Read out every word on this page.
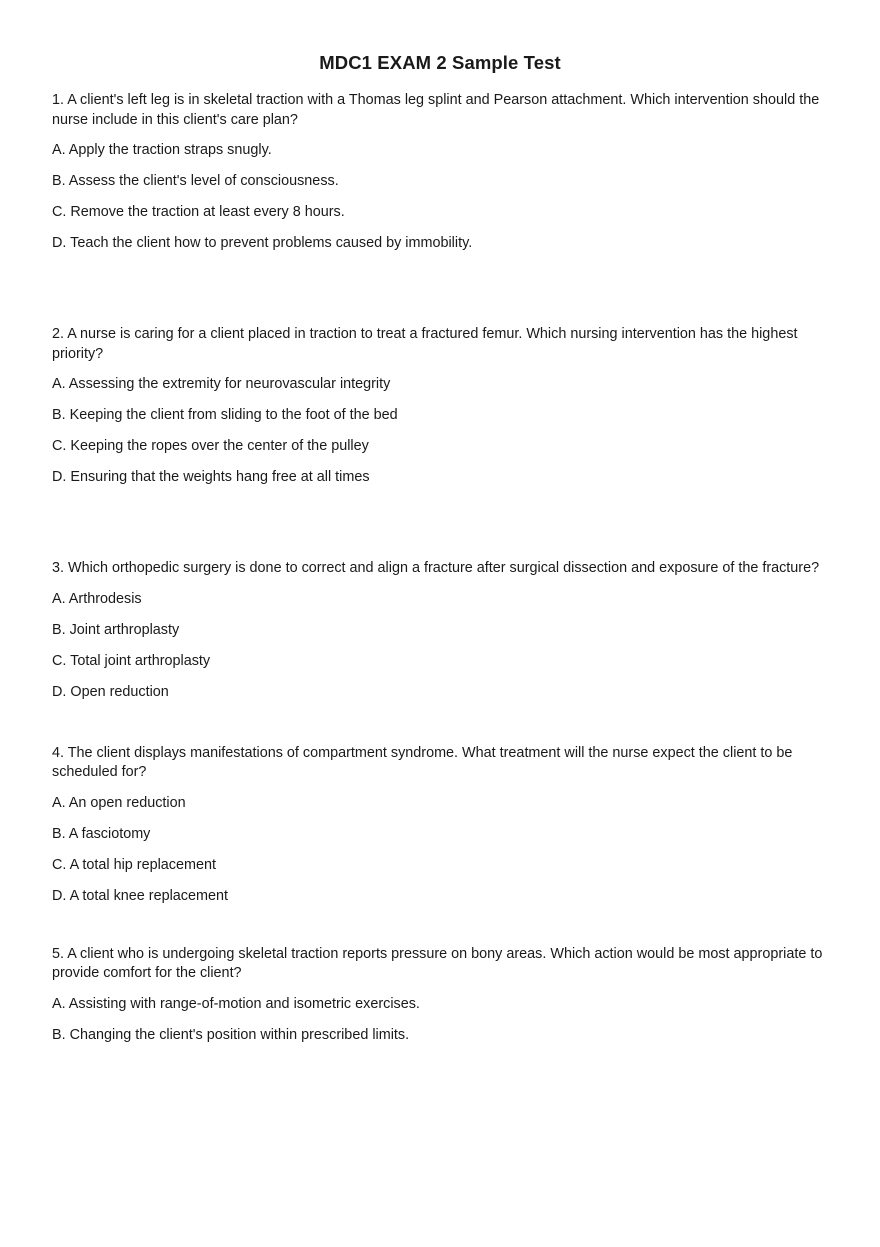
MDC1 EXAM 2 Sample Test

1. A client's left leg is in skeletal traction with a Thomas leg splint and Pearson attachment. Which intervention should the nurse include in this client's care plan?

A. Apply the traction straps snugly.

B. Assess the client's level of consciousness.

C. Remove the traction at least every 8 hours.

D. Teach the client how to prevent problems caused by immobility.

2. A nurse is caring for a client placed in traction to treat a fractured femur. Which nursing intervention has the highest priority?

A. Assessing the extremity for neurovascular integrity

B. Keeping the client from sliding to the foot of the bed

C. Keeping the ropes over the center of the pulley

D. Ensuring that the weights hang free at all times

3. Which orthopedic surgery is done to correct and align a fracture after surgical dissection and exposure of the fracture?

A. Arthrodesis

B. Joint arthroplasty

C. Total joint arthroplasty

D. Open reduction

4. The client displays manifestations of compartment syndrome. What treatment will the nurse expect the client to be scheduled for?

A. An open reduction

B. A fasciotomy

C. A total hip replacement

D. A total knee replacement

5. A client who is undergoing skeletal traction reports pressure on bony areas. Which action would be most appropriate to provide comfort for the client?

A. Assisting with range-of-motion and isometric exercises.

B. Changing the client's position within prescribed limits.
